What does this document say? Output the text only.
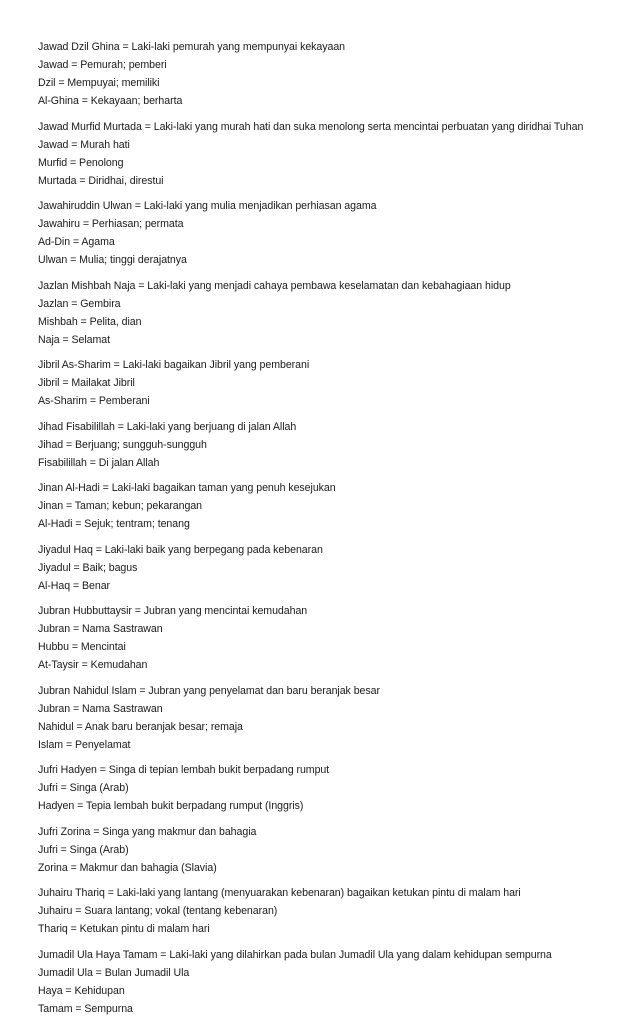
Jawad Dzil Ghina = Laki-laki pemurah yang mempunyai kekayaan
Jawad = Pemurah; pemberi
Dzil = Mempuyai; memiliki
Al-Ghina = Kekayaan; berharta
Jawad Murfid Murtada = Laki-laki yang murah hati dan suka menolong serta mencintai perbuatan yang diridhai Tuhan
Jawad = Murah hati
Murfid = Penolong
Murtada = Diridhai, direstui
Jawahiruddin Ulwan = Laki-laki yang mulia menjadikan perhiasan agama
Jawahiru = Perhiasan; permata
Ad-Din = Agama
Ulwan = Mulia; tinggi derajatnya
Jazlan Mishbah Naja = Laki-laki yang menjadi cahaya pembawa keselamatan dan kebahagiaan hidup
Jazlan = Gembira
Mishbah = Pelita, dian
Naja = Selamat
Jibril As-Sharim = Laki-laki bagaikan Jibril yang pemberani
Jibril = Mailakat Jibril
As-Sharim = Pemberani
Jihad Fisabilillah = Laki-laki yang berjuang di jalan Allah
Jihad = Berjuang; sungguh-sungguh
Fisabilillah = Di jalan Allah
Jinan Al-Hadi = Laki-laki bagaikan taman yang penuh kesejukan
Jinan = Taman; kebun; pekarangan
Al-Hadi = Sejuk; tentram; tenang
Jiyadul Haq = Laki-laki baik yang berpegang pada kebenaran
Jiyadul = Baik; bagus
Al-Haq = Benar
Jubran Hubbuttaysir = Jubran yang mencintai kemudahan
Jubran = Nama Sastrawan
Hubbu = Mencintai
At-Taysir = Kemudahan
Jubran Nahidul Islam = Jubran yang penyelamat dan baru beranjak besar
Jubran = Nama Sastrawan
Nahidul = Anak baru beranjak besar; remaja
Islam = Penyelamat
Jufri Hadyen = Singa di tepian lembah bukit berpadang rumput
Jufri = Singa (Arab)
Hadyen = Tepia lembah bukit berpadang rumput (Inggris)
Jufri Zorina = Singa yang makmur dan bahagia
Jufri = Singa (Arab)
Zorina = Makmur dan bahagia (Slavia)
Juhairu Thariq = Laki-laki yang lantang (menyuarakan kebenaran) bagaikan ketukan pintu di malam hari
Juhairu = Suara lantang; vokal (tentang kebenaran)
Thariq = Ketukan pintu di malam hari
Jumadil Ula Haya Tamam = Laki-laki yang dilahirkan pada bulan Jumadil Ula yang dalam kehidupan sempurna
Jumadil Ula = Bulan Jumadil Ula
Haya = Kehidupan
Tamam = Sempurna
